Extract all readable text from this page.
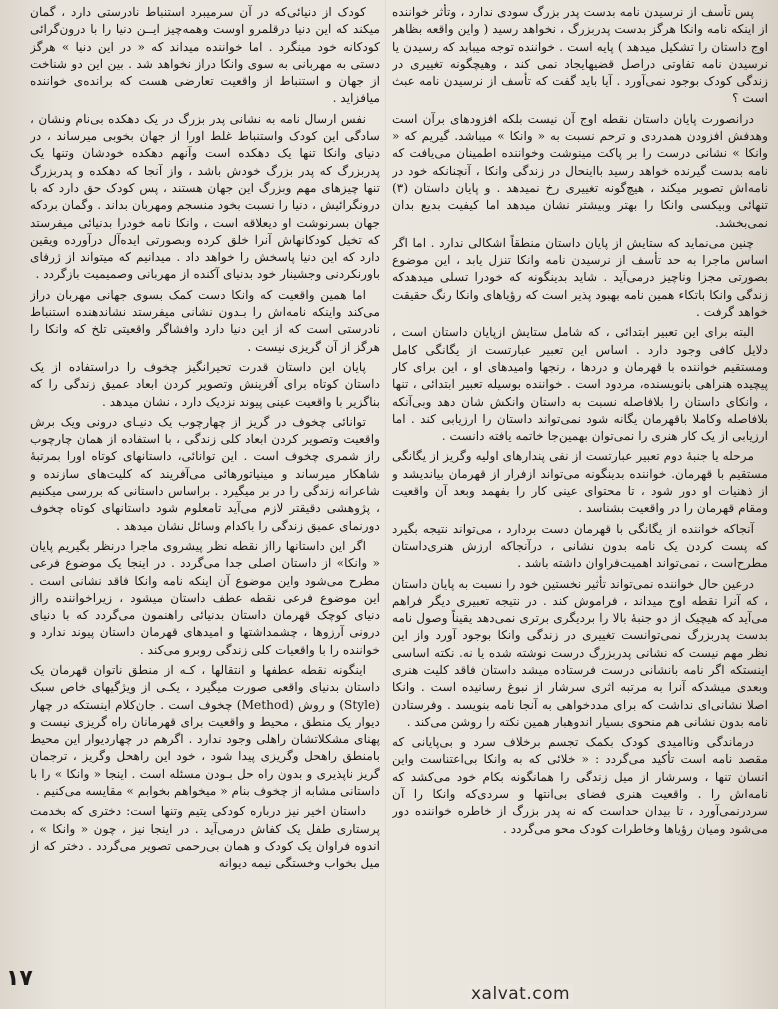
پس تأسف از نرسیدن نامه بدست پدر بزرگ سودی ندارد ، وتأثر خواننده از اینکه نامه وانکا هرگز بدست پدربزرگ ، نخواهد رسید ( واین واقعه بظاهر اوج داستان را تشکیل میدهد ) پایه است . خواننده توجه میبابد که رسیدن یا نرسیدن نامه تفاوتی دراصل قضیهایجاد نمی کند ، وهیچگونه تغییری در زندگی کودک بوجود نمی‌آورد . آیا باید گفت که تأسف از نرسیدن نامه عبث است ؟

درانصورت پایان داستان نقطه اوج آن نیست بلکه افزودهای برآن است وهدفش افزودن همدردی و ترحم نسبت به « وانکا » میباشد. گیریم که « وانکا » نشانی درست را بر پاکت مینوشت وخواننده اطمینان می‌یافت که نامه بدست گیرنده خواهد رسید بااینحال در زندگی وانکا ، آنچنانکه خود در نامه‌اش تصویر میکند ، هیچ‌گونه تغییری رخ نمیدهد . و پایان داستان (۳) تنهائی وبیکسی وانکا را بهتر وبیشتر نشان میدهد اما کیفیت بدیع بدان نمی‌بخشد.

چنین می‌نماید که ستایش از پایان داستان منطقاً اشکالی ندارد . اما اگر اساس ماجرا به حد تأسف از نرسیدن نامه وانکا تنزل یابد ، این موضوع بصورتی مجزا وناچیز درمی‌آید . شاید بدینگونه که خودرا تسلی میدهدکه زندگی وانکا باتکاء همین نامه بهبود پذیر است که رؤیاهای وانکا رنگ حقیقت خواهد گرفت .

البته برای این تعبیر ابتدائی ، که شامل ستایش ازپایان داستان است ، دلایل کافی وجود دارد . اساس این تعبیر عبارتست از یگانگی کامل ومستقیم خواننده با قهرمان و دردها ، رنجها وامیدهای او ، این برای کار پیچیده هنراهی بانویسنده، مردود است . خواننده بوسیله تعبیر ابتدائی ، تنها ، وانکای داستان را بلافاصله نسبت به داستان وانکش شان دهد وبی‌آنکه بلافاصله وکاملا باقهرمان یگانه شود نمی‌تواند داستان را ارزیابی کند . اما ارزیابی از یک کار هنری را نمی‌توان بهمین‌جا خاتمه یافته دانست .

مرحله یا جنبهٔ دوم تعبیر عبارتست از نفی پندارهای اولیه وگریز از یگانگی مستقیم با قهرمان. خواننده بدینگونه می‌تواند ازفرار از قهرمان بیاندیشد و از ذهنیات او دور شود ، تا محتوای عینی کار را بفهمد وبعد آن واقعیت ومقام قهرمان را در واقعیت بشناسد .

آنجاکه خواننده از یگانگی با قهرمان دست بردارد ، می‌تواند نتیجه بگیرد که پست کردن یک نامه بدون نشانی ، درآنجاکه ارزش هنری‌داستان مطرح‌است ، نمی‌تواند اهمیت‌فراوان داشته باشد .

درعین حال خواننده نمی‌تواند تأثیر نخستین خود را نسبت به پایان داستان ، که آنرا نقطه اوج میداند ، فراموش کند . در نتیجه تعبیری دیگر فراهم می‌آید که هیچیک از دو جنبهٔ بالا را بردیگری برتری نمی‌دهد یقیناً وصول نامه بدست پدربزرگ نمی‌توانست تغییری در زندگی وانکا بوجود آورد واز این نظر مهم نیست که نشانی پدربزرگ درست نوشته شده یا نه. نکته اساسی اینستکه اگر نامه بانشانی درست فرستاده میشد داستان فاقد کلیت هنری وبعدی میشدکه آنرا به مرتبه اثری سرشار از نبوغ رسانیده است . وانکا اصلا نشانی‌ای نداشت که برای مددخواهی به آنجا نامه بنویسد . وفرستادن نامه بدون نشانی هم منحوی بسیار اندوهبار همین نکته را روشن می‌کند .

درماندگی وناامیدی کودک بکمک تجسم برخلاف سرد و بی‌پایانی که مقصد نامه است تأکید می‌گردد : « خلائی که به وانکا بی‌اعتناست واین انسان تنها ، وسرشار از میل زندگی را همانگونه بکام خود می‌کشد که نامه‌اش را . واقعیت هنری فضای بی‌انتها و سردی‌که وانکا را آن سردرنمی‌آورد ، تا بیدان حداست که نه پدر بزرگ از خاطره خواننده دور می‌شود ومیان رؤیاها وخاطرات کودک محو می‌گردد .

کودک از دنیائی‌که در آن سرمیبرد استنباط نادرستی دارد ، گمان میکند که این دنیا درقلمرو اوست وهمه‌چیز ایــن دنیا را با درون‌گرائی کودکانه خود مینگرد . اما خواننده میداند که « در این دنیا » هرگز دستی به مهربانی به سوی وانکا دراز نخواهد شد . بین این دو شناخت از جهان و استنباط از واقعیت تعارضی هست که برانده‌ی خواننده میافزاید .

نفس ارسال نامه به نشانی پدر بزرگ در یک دهکده بی‌نام ونشان ، سادگی این کودک واستنباط غلط اورا از جهان بخوبی میرساند ، در دنیای وانکا تنها یک دهکده است وآنهم دهکده خودشان وتنها یک پدربزرگ که پدر بزرگ خودش باشد ، واز آنجا که دهکده و پدربزرگ تنها چیزهای مهم وبزرگ این جهان هستند ، پس کودک حق دارد که با درونگرائیش ، دنیا را نسبت بخود منسجم ومهربان بداند . وگمان بردکه جهان بسرنوشت او دیعلاقه است ، وانکا نامه خودرا بدنیائی میفرستد که تخیل کودکانهاش آنرا خلق کرده وبصورتی ایده‌آل درآورده ویقین دارد که این دنیا پاسخش را خواهد داد . میدانیم که میتواند از ژرفای باورنکردنی وجشینار خود بدنیای آکنده از مهربانی وصمیمیت بازگردد .

اما همین واقعیت که وانکا دست کمک بسوی جهانی مهربان دراز می‌کند واینکه نامه‌اش را بـدون نشانی میفرستد نشاندهنده استنباط نادرستی است که از این دنیا دارد وافشاگر واقعیتی تلخ که وانکا را هرگز از آن گریزی نیست .

پایان این داستان قدرت تحیرانگیز چخوف را دراستفاده از یک داستان کوتاه برای آفرینش وتصویر کردن ابعاد عمیق زندگی را که بناگزیر با واقعیت عینی پیوند نزدیک دارد ، نشان میدهد .

توانائی چخوف در گریز از چهارچوب یک دنیـای درونی ویک برش واقعیت وتصویر کردن ابعاد کلی زندگی ، با استفاده از همان چارچوب راز شمری چخوف است . این توانائی، داستانهای کوتاه اورا بمرتبهٔ شاهکار میرساند و مینیاتورهائی می‌آفریند که کلیت‌های سازنده و شاعرانه زندگی را در بر میگیرد . براساس داستانی که بررسی میکنیم ، پژوهشی دقیقتر لازم می‌آید تامعلوم شود داستانهای کوتاه چخوف دورنمای عمیق زندگی را باکدام وسائل نشان میدهد .

اگر این داستانها رااز نقطه نظر پیشروی ماجرا درنظر بگیریم پایان « وانکا» از داستان اصلی جدا می‌گردد . در اینجا یک موضوع فرعی مطرح می‌شود واین موضوع آن اینکه نامه وانکا فاقد نشانی است . این موضوع فرعی نقطه عطف داستان میشود ، زیراخواننده رااز دنیای کوچک قهرمان داستان بدنیائی راهنمون می‌گردد که با دنیای درونی آرزوها ، چشمداشتها و امیدهای قهرمان داستان پیوند ندارد و خواننده را با واقعیات کلی زندگی روبرو می‌کند .

اینگونه نقطه عطفها و انتقالها ، کـه از منطق ناتوان قهرمان یک داستان بدنیای واقعی صورت میگیرد ، یکـی از ویژگیهای خاص سبک (Style) و روش (Method) چخوف است . جان‌کلام اینستکه در چهار دیوار یک منطق ، محیط و واقعیت برای قهرمانان راه گریزی نیست و پهنای مشکلاتشان راهلی وجود ندارد . اگرهم در چهاردیوار این محیط بامنطق راهحل وگریزی پیدا شود ، خود این راهحل وگریز ، ترجمان گریز ناپذیری و بدون راه حل بـودن مسئله است . اینجا « وانکا » را با داستانی مشابه از چخوف بنام « میخواهم بخوابم » مقایسه می‌کنیم .

داستان اخیر نیز درباره کودکی یتیم وتنها است: دختری که بخدمت پرستاری طفل یک کفاش درمی‌آید . در اینجا نیز ، چون « وانکا » ، اندوه فراوان یک کودک و همان بی‌رحمی تصویر می‌گردد . دختر که از میل بخواب وخستگی نیمه دیوانه

۱۷
xalvat.com
